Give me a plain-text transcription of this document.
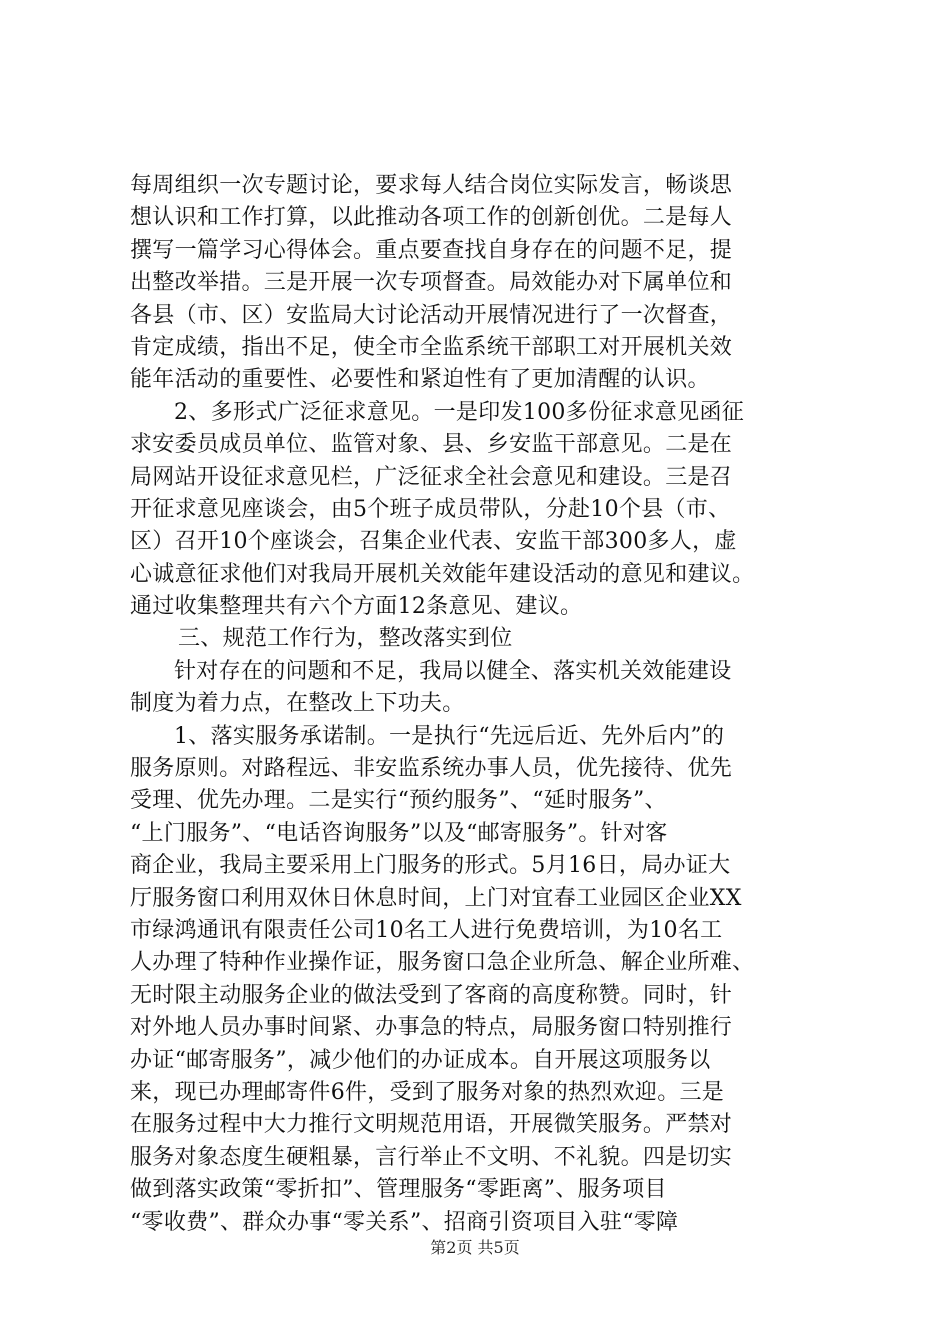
每周组织一次专题讨论，要求每人结合岗位实际发言，畅谈思
想认识和工作打算，以此推动各项工作的创新创优。二是每人
撰写一篇学习心得体会。重点要查找自身存在的问题不足，提
出整改举措。三是开展一次专项督查。局效能办对下属单位和
各县（市、区）安监局大讨论活动开展情况进行了一次督查，
肯定成绩，指出不足，使全市全监系统干部职工对开展机关效
能年活动的重要性、必要性和紧迫性有了更加清醒的认识。
2、多形式广泛征求意见。一是印发100多份征求意见函征
求安委员成员单位、监管对象、县、乡安监干部意见。二是在
局网站开设征求意见栏，广泛征求全社会意见和建设。三是召
开征求意见座谈会，由5个班子成员带队，分赴10个县（市、
区）召开10个座谈会，召集企业代表、安监干部300多人，虚
心诚意征求他们对我局开展机关效能年建设活动的意见和建议。
通过收集整理共有六个方面12条意见、建议。
三、规范工作行为，整改落实到位
针对存在的问题和不足，我局以健全、落实机关效能建设
制度为着力点，在整改上下功夫。
1、落实服务承诺制。一是执行“先远后近、先外后内”的
服务原则。对路程远、非安监系统办事人员，优先接待、优先
受理、优先办理。二是实行“预约服务”、“延时服务”、
“上门服务”、“电话咨询服务”以及“邮寄服务”。针对客
商企业，我局主要采用上门服务的形式。5月16日，局办证大
厅服务窗口利用双休日休息时间，上门对宜春工业园区企业XX
市绿鸿通讯有限责任公司10名工人进行免费培训，为10名工
人办理了特种作业操作证，服务窗口急企业所急、解企业所难、
无时限主动服务企业的做法受到了客商的高度称赞。同时，针
对外地人员办事时间紧、办事急的特点，局服务窗口特别推行
办证“邮寄服务”，减少他们的办证成本。自开展这项服务以
来，现已办理邮寄件6件，受到了服务对象的热烈欢迎。三是
在服务过程中大力推行文明规范用语，开展微笑服务。严禁对
服务对象态度生硬粗暴，言行举止不文明、不礼貌。四是切实
做到落实政策“零折扣”、管理服务“零距离”、服务项目
“零收费”、群众办事“零关系”、招商引资项目入驻“零障
第2页 共5页
